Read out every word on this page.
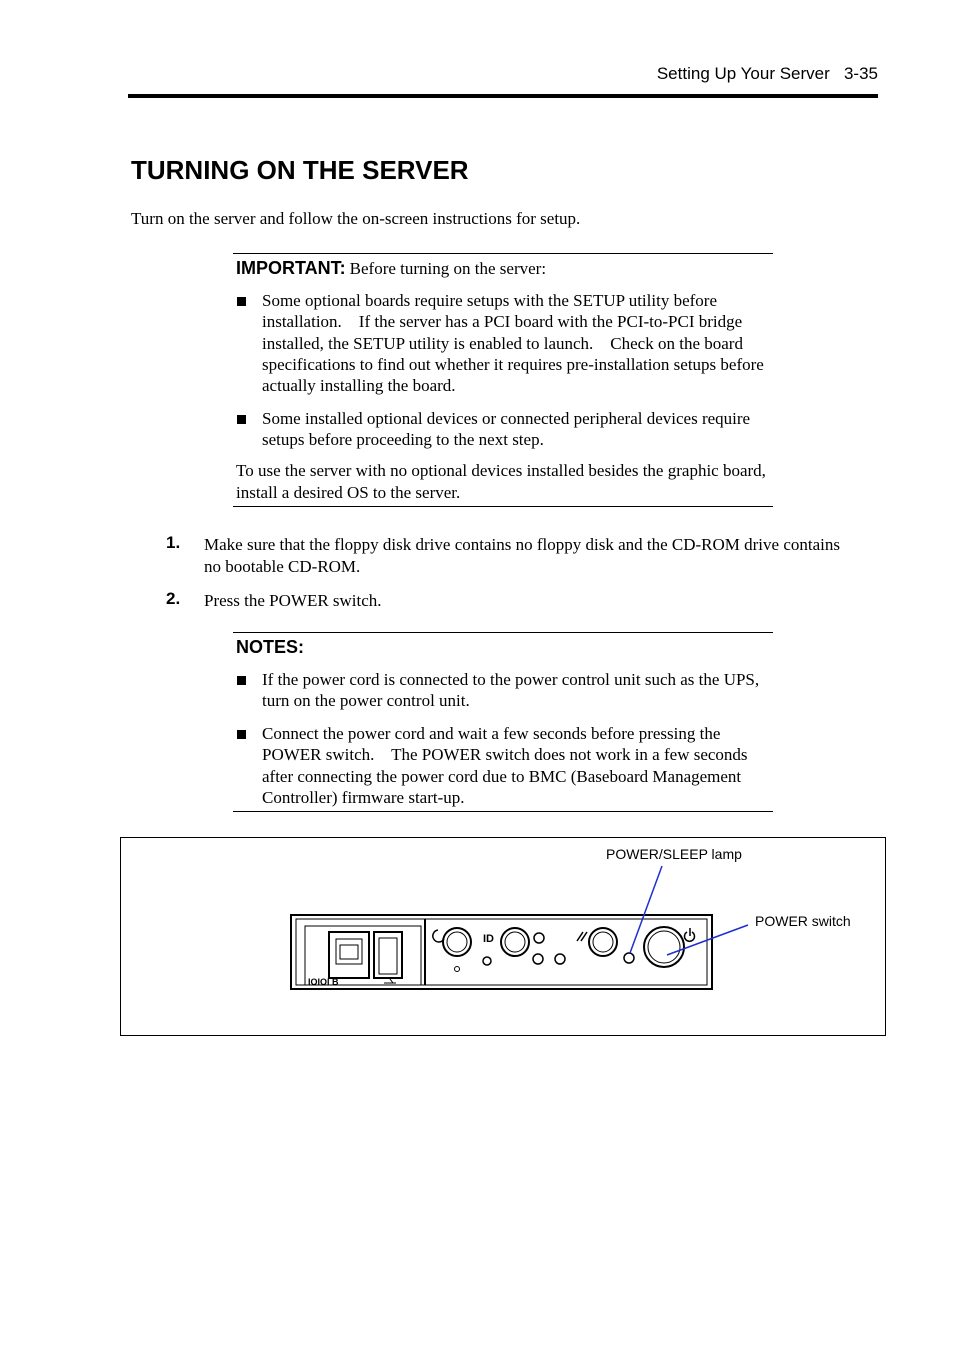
Setting Up Your Server 3-35
TURNING ON THE SERVER
Turn on the server and follow the on-screen instructions for setup.
IMPORTANT: Before turning on the server:
Some optional boards require setups with the SETUP utility before installation.    If the server has a PCI board with the PCI-to-PCI bridge installed, the SETUP utility is enabled to launch.    Check on the board specifications to find out whether it requires pre-installation setups before actually installing the board.
Some installed optional devices or connected peripheral devices require setups before proceeding to the next step.
To use the server with no optional devices installed besides the graphic board, install a desired OS to the server.
1. Make sure that the floppy disk drive contains no floppy disk and the CD-ROM drive contains no bootable CD-ROM.
2. Press the POWER switch.
NOTES:
If the power cord is connected to the power control unit such as the UPS, turn on the power control unit.
Connect the power cord and wait a few seconds before pressing the POWER switch.    The POWER switch does not work in a few seconds after connecting the power cord due to BMC (Baseboard Management Controller) firmware start-up.
POWER/SLEEP lamp
POWER switch
IOIOI B
ID
